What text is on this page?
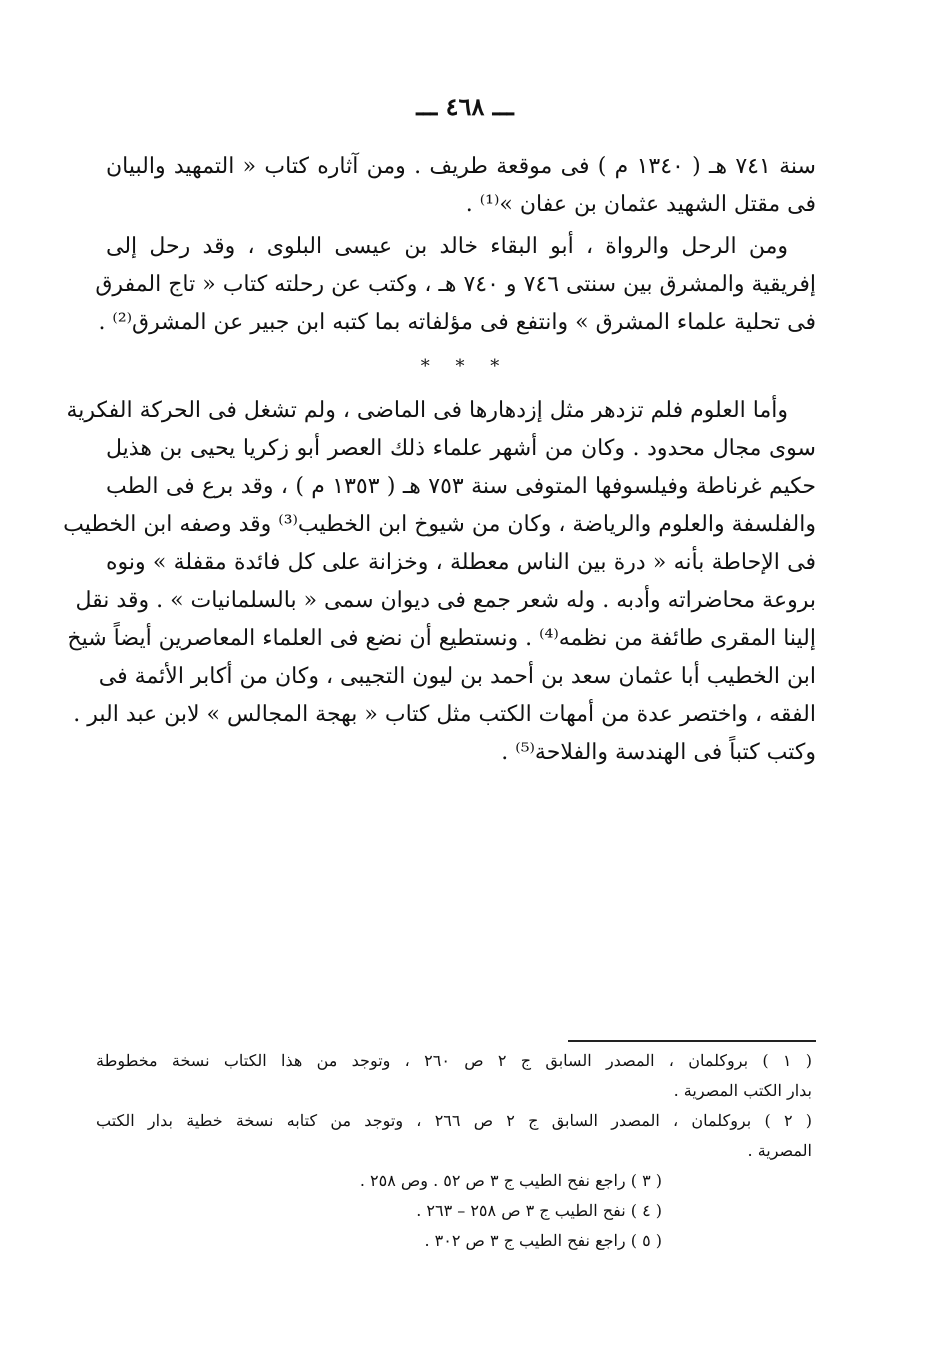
ـــ ٤٦٨ ـــ
سنة ٧٤١ هـ ( ١٣٤٠ م ) فى موقعة طريف . ومن آثاره كتاب « التمهيد والبيان
فى مقتل الشهيد عثمان بن عفان »⁽¹⁾ .
ومن الرحل والرواة ، أبو البقاء خالد بن عيسى البلوى ، وقد رحل إلى
إفريقية والمشرق بين سنتى ٧٤٦ و ٧٤٠ هـ ، وكتب عن رحلته كتاب « تاج المفرق
فى تحلية علماء المشرق » وانتفع فى مؤلفاته بما كتبه ابن جبير عن المشرق⁽²⁾ .
* * *
وأما العلوم فلم تزدهر مثل إزدهارها فى الماضى ، ولم تشغل فى الحركة الفكرية
سوى مجال محدود . وكان من أشهر علماء ذلك العصر أبو زكريا يحيى بن هذيل
حكيم غرناطة وفيلسوفها المتوفى سنة ٧٥٣ هـ ( ١٣٥٣ م ) ، وقد برع فى الطب
والفلسفة والعلوم والرياضة ، وكان من شيوخ ابن الخطيب⁽³⁾ وقد وصفه ابن الخطيب
فى الإحاطة بأنه « درة بين الناس معطلة ، وخزانة على كل فائدة مقفلة » ونوه
بروعة محاضراته وأدبه . وله شعر جمع فى ديوان سمى « بالسلمانيات » . وقد نقل
إلينا المقرى طائفة من نظمه⁽⁴⁾ . ونستطيع أن نضع فى العلماء المعاصرين أيضاً شيخ
ابن الخطيب أبا عثمان سعد بن أحمد بن ليون التجيبى ، وكان من أكابر الأئمة فى
الفقه ، واختصر عدة من أمهات الكتب مثل كتاب « بهجة المجالس » لابن عبد البر .
وكتب كتباً فى الهندسة والفلاحة⁽⁵⁾ .
( ١ ) بروكلمان ، المصدر السابق ج ٢ ص ٢٦٠ ، وتوجد من هذا الكتاب نسخة مخطوطة
بدار الكتب المصرية .
( ٢ ) بروكلمان ، المصدر السابق ج ٢ ص ٢٦٦ ، وتوجد من كتابه نسخة خطية بدار الكتب
المصرية .
( ٣ ) راجع نفح الطيب ج ٣ ص ٥٢ . وص ٢٥٨ .
( ٤ ) نفح الطيب ج ٣ ص ٢٥٨ – ٢٦٣ .
( ٥ ) راجع نفح الطيب ج ٣ ص ٣٠٢ .
